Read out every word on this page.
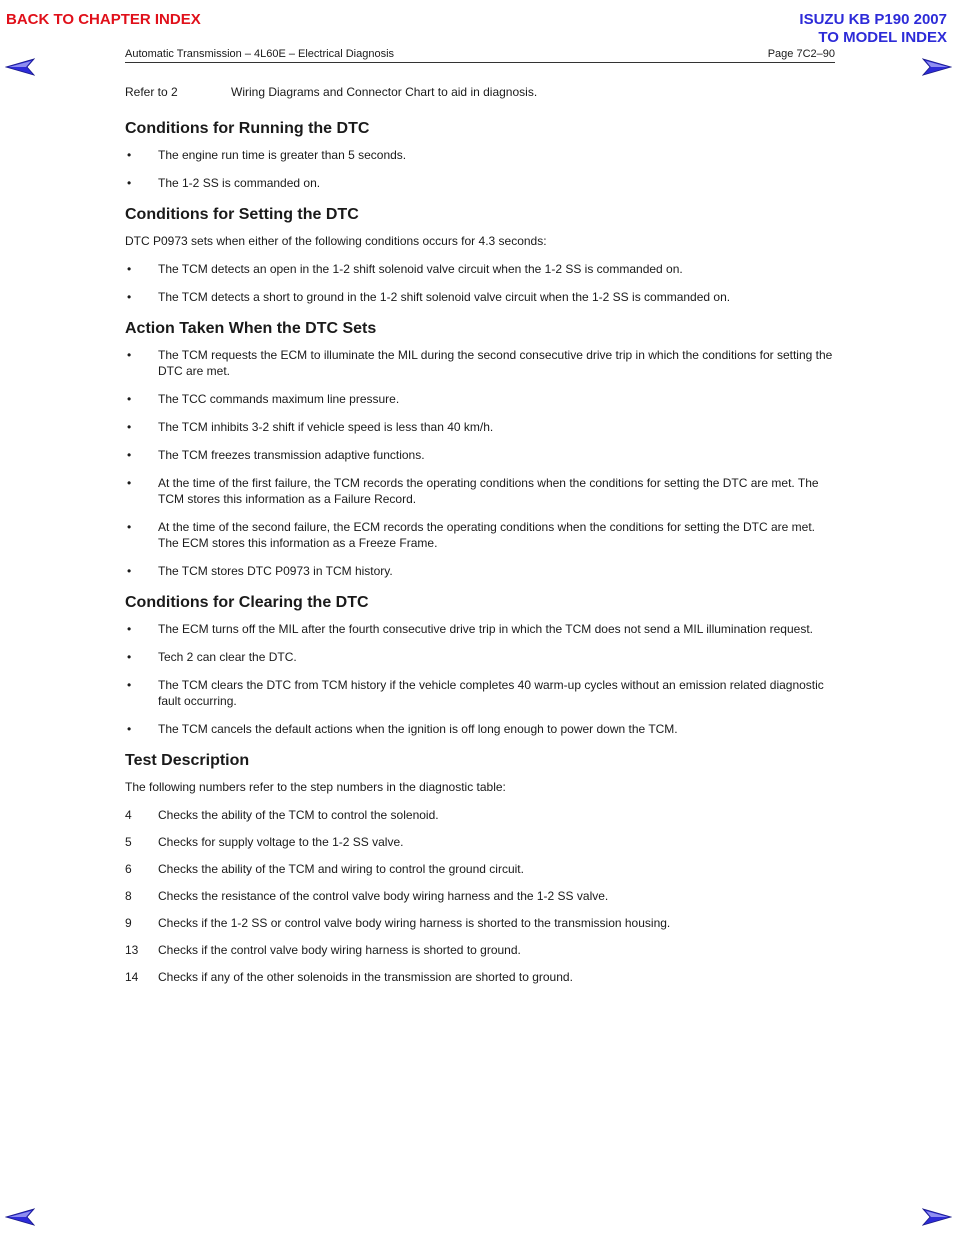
BACK TO CHAPTER INDEX	ISUZU KB P190 2007
TO MODEL INDEX
Automatic Transmission – 4L60E – Electrical Diagnosis	Page 7C2–90
Refer to 2	Wiring Diagrams and Connector Chart to aid in diagnosis.
Conditions for Running the DTC
• The engine run time is greater than 5 seconds.
• The 1-2 SS is commanded on.
Conditions for Setting the DTC

DTC P0973 sets when either of the following conditions occurs for 4.3 seconds:

• The TCM detects an open in the 1-2 shift solenoid valve circuit when the 1-2 SS is commanded on.
• The TCM detects a short to ground in the 1-2 shift solenoid valve circuit when the 1-2 SS is commanded on.
Action Taken When the DTC Sets
• The TCM requests the ECM to illuminate the MIL during the second consecutive drive trip in which the conditions for setting the DTC are met.
• The TCC commands maximum line pressure.
• The TCM inhibits 3-2 shift if vehicle speed is less than 40 km/h.
• The TCM freezes transmission adaptive functions.
• At the time of the first failure, the TCM records the operating conditions when the conditions for setting the DTC are met. The TCM stores this information as a Failure Record.
• At the time of the second failure, the ECM records the operating conditions when the conditions for setting the DTC are met. The ECM stores this information as a Freeze Frame.
• The TCM stores DTC P0973 in TCM history.
Conditions for Clearing the DTC
• The ECM turns off the MIL after the fourth consecutive drive trip in which the TCM does not send a MIL illumination request.
• Tech 2 can clear the DTC.
• The TCM clears the DTC from TCM history if the vehicle completes 40 warm-up cycles without an emission related diagnostic fault occurring.
• The TCM cancels the default actions when the ignition is off long enough to power down the TCM.
Test Description

The following numbers refer to the step numbers in the diagnostic table:

4 Checks the ability of the TCM to control the solenoid.
5 Checks for supply voltage to the 1-2 SS valve.
6 Checks the ability of the TCM and wiring to control the ground circuit.
8 Checks the resistance of the control valve body wiring harness and the 1-2 SS valve.
9 Checks if the 1-2 SS or control valve body wiring harness is shorted to the transmission housing.
13 Checks if the control valve body wiring harness is shorted to ground.
14 Checks if any of the other solenoids in the transmission are shorted to ground.
